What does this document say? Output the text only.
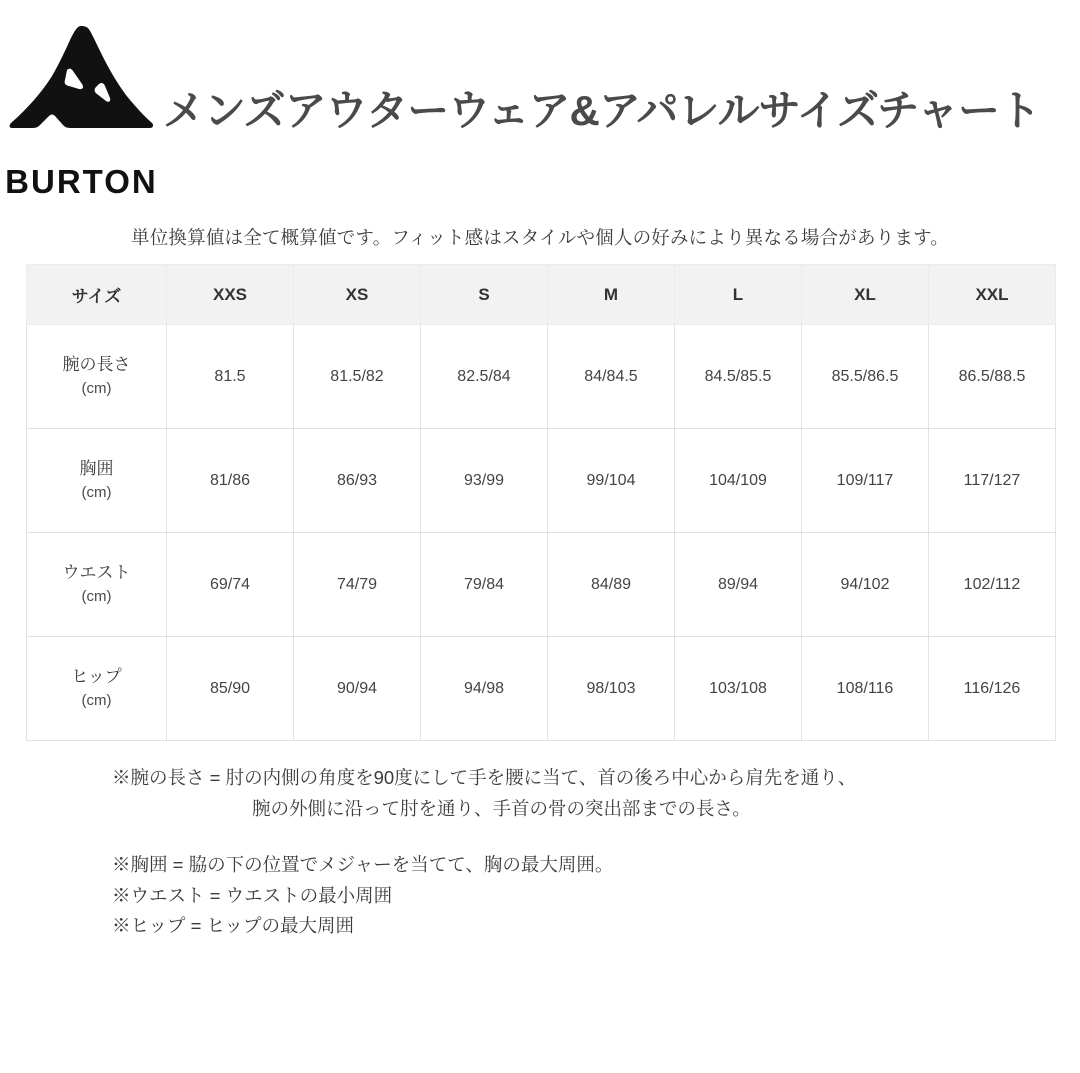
BURTON
メンズアウターウェア&アパレルサイズチャート
単位換算値は全て概算値です。フィット感はスタイルや個人の好みにより異なる場合があります。
サイズ	XXS	XS	S	M	L	XL	XXL
腕の長さ
(cm)	81.5	81.5/82	82.5/84	84/84.5	84.5/85.5	85.5/86.5	86.5/88.5
胸囲
(cm)	81/86	86/93	93/99	99/104	104/109	109/117	117/127
ウエスト
(cm)	69/74	74/79	79/84	84/89	89/94	94/102	102/112
ヒップ
(cm)	85/90	90/94	94/98	98/103	103/108	108/116	116/126
※腕の長さ = 肘の内側の角度を90度にして手を腰に当て、首の後ろ中心から肩先を通り、
腕の外側に沿って肘を通り、手首の骨の突出部までの長さ。
※胸囲 = 脇の下の位置でメジャーを当てて、胸の最大周囲。
※ウエスト = ウエストの最小周囲
※ヒップ = ヒップの最大周囲
